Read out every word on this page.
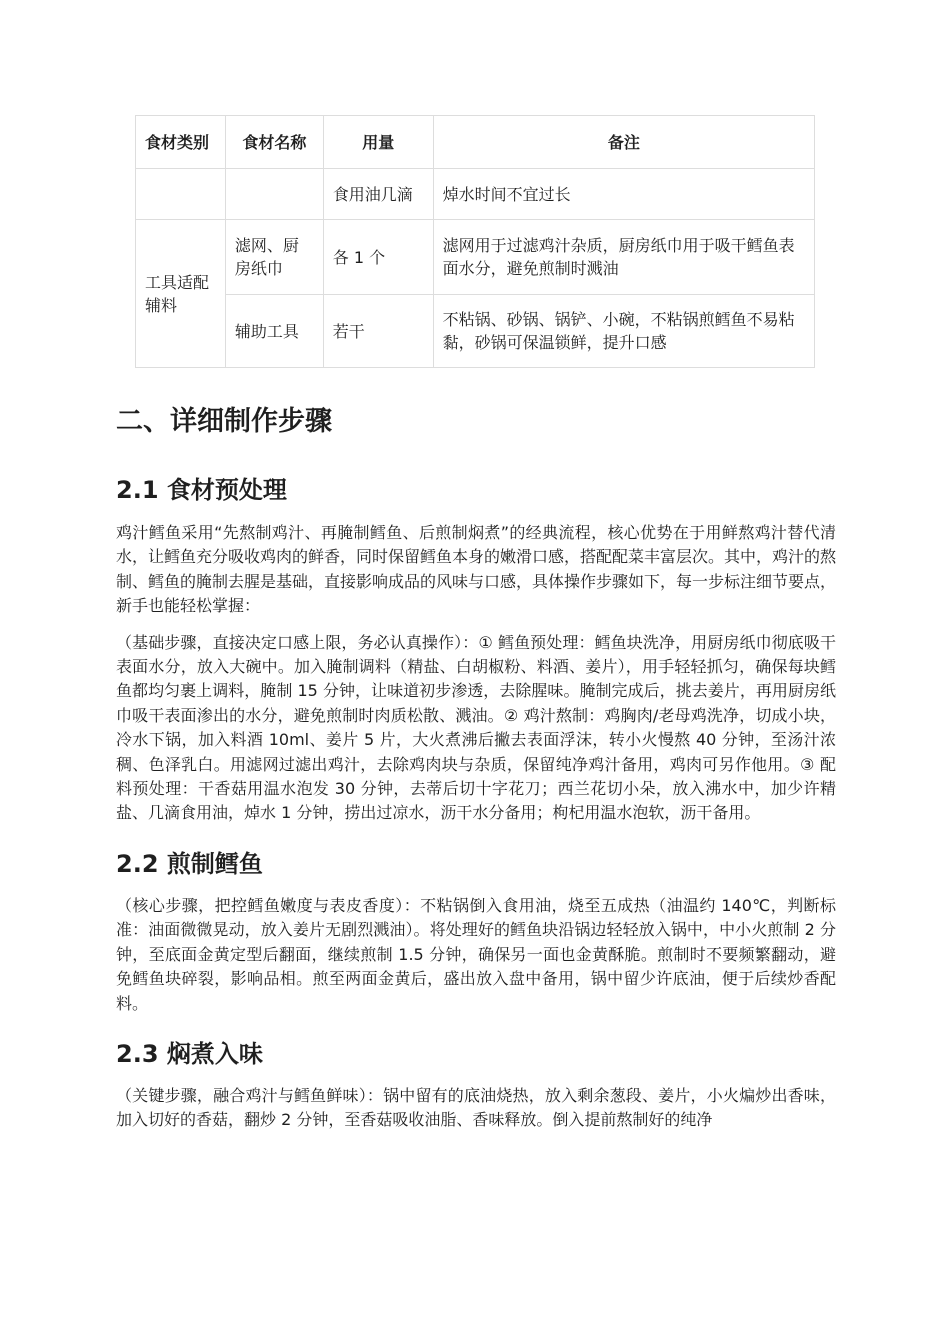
食材类别	食材名称	用量	备注
		食用油几滴	焯水时间不宜过长
工具适配辅料	滤网、厨房纸巾	各 1 个	滤网用于过滤鸡汁杂质，厨房纸巾用于吸干鳕鱼表面水分，避免煎制时溅油
	辅助工具	若干	不粘锅、砂锅、锅铲、小碗，不粘锅煎鳕鱼不易粘黏，砂锅可保温锁鲜，提升口感
二、详细制作步骤
2.1 食材预处理

鸡汁鳕鱼采用“先熬制鸡汁、再腌制鳕鱼、后煎制焖煮”的经典流程，核心优势在于用鲜熬鸡汁替代清水，让鳕鱼充分吸收鸡肉的鲜香，同时保留鳕鱼本身的嫩滑口感，搭配配菜丰富层次。其中，鸡汁的熬制、鳕鱼的腌制去腥是基础，直接影响成品的风味与口感，具体操作步骤如下，每一步标注细节要点，新手也能轻松掌握：

（基础步骤，直接决定口感上限，务必认真操作）：① 鳕鱼预处理：鳕鱼块洗净，用厨房纸巾彻底吸干表面水分，放入大碗中。加入腌制调料（精盐、白胡椒粉、料酒、姜片），用手轻轻抓匀，确保每块鳕鱼都均匀裹上调料，腌制 15 分钟，让味道初步渗透，去除腥味。腌制完成后，挑去姜片，再用厨房纸巾吸干表面渗出的水分，避免煎制时肉质松散、溅油。② 鸡汁熬制：鸡胸肉/老母鸡洗净，切成小块，冷水下锅，加入料酒 10ml、姜片 5 片，大火煮沸后撇去表面浮沫，转小火慢熬 40 分钟，至汤汁浓稠、色泽乳白。用滤网过滤出鸡汁，去除鸡肉块与杂质，保留纯净鸡汁备用，鸡肉可另作他用。③ 配料预处理：干香菇用温水泡发 30 分钟，去蒂后切十字花刀；西兰花切小朵，放入沸水中，加少许精盐、几滴食用油，焯水 1 分钟，捞出过凉水，沥干水分备用；枸杞用温水泡软，沥干备用。

2.2 煎制鳕鱼

（核心步骤，把控鳕鱼嫩度与表皮香度）：不粘锅倒入食用油，烧至五成热（油温约 140℃，判断标准：油面微微晃动，放入姜片无剧烈溅油）。将处理好的鳕鱼块沿锅边轻轻放入锅中，中小火煎制 2 分钟，至底面金黄定型后翻面，继续煎制 1.5 分钟，确保另一面也金黄酥脆。煎制时不要频繁翻动，避免鳕鱼块碎裂，影响品相。煎至两面金黄后，盛出放入盘中备用，锅中留少许底油，便于后续炒香配料。

2.3 焖煮入味

（关键步骤，融合鸡汁与鳕鱼鲜味）：锅中留有的底油烧热，放入剩余葱段、姜片，小火煸炒出香味，加入切好的香菇，翻炒 2 分钟，至香菇吸收油脂、香味释放。倒入提前熬制好的纯净
